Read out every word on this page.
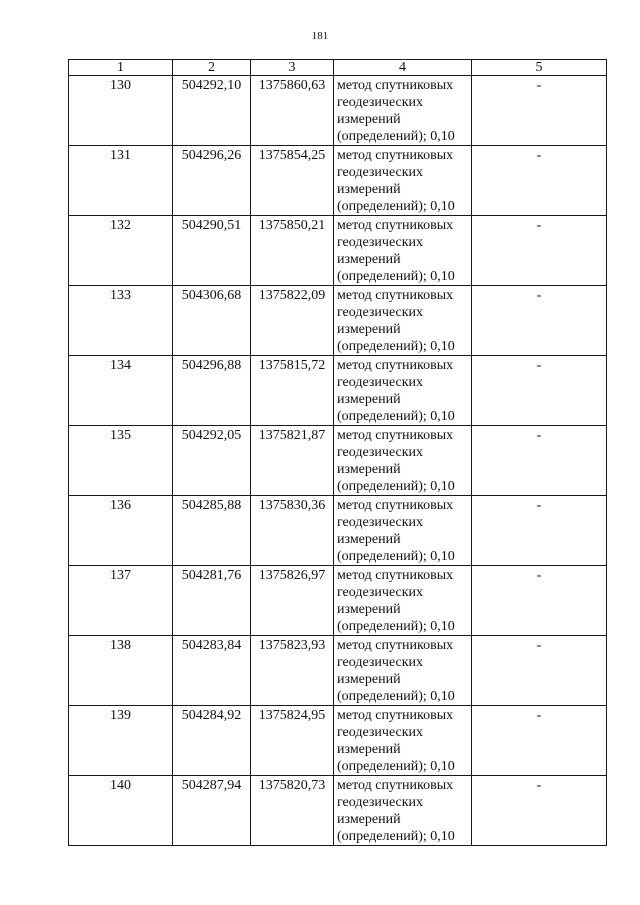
181
1	2	3	4	5
130	504292,10	1375860,63	метод спутниковых
геодезических
измерений
(определений); 0,10	-
131	504296,26	1375854,25	метод спутниковых
геодезических
измерений
(определений); 0,10	-
132	504290,51	1375850,21	метод спутниковых
геодезических
измерений
(определений); 0,10	-
133	504306,68	1375822,09	метод спутниковых
геодезических
измерений
(определений); 0,10	-
134	504296,88	1375815,72	метод спутниковых
геодезических
измерений
(определений); 0,10	-
135	504292,05	1375821,87	метод спутниковых
геодезических
измерений
(определений); 0,10	-
136	504285,88	1375830,36	метод спутниковых
геодезических
измерений
(определений); 0,10	-
137	504281,76	1375826,97	метод спутниковых
геодезических
измерений
(определений); 0,10	-
138	504283,84	1375823,93	метод спутниковых
геодезических
измерений
(определений); 0,10	-
139	504284,92	1375824,95	метод спутниковых
геодезических
измерений
(определений); 0,10	-
140	504287,94	1375820,73	метод спутниковых
геодезических
измерений
(определений); 0,10	-
